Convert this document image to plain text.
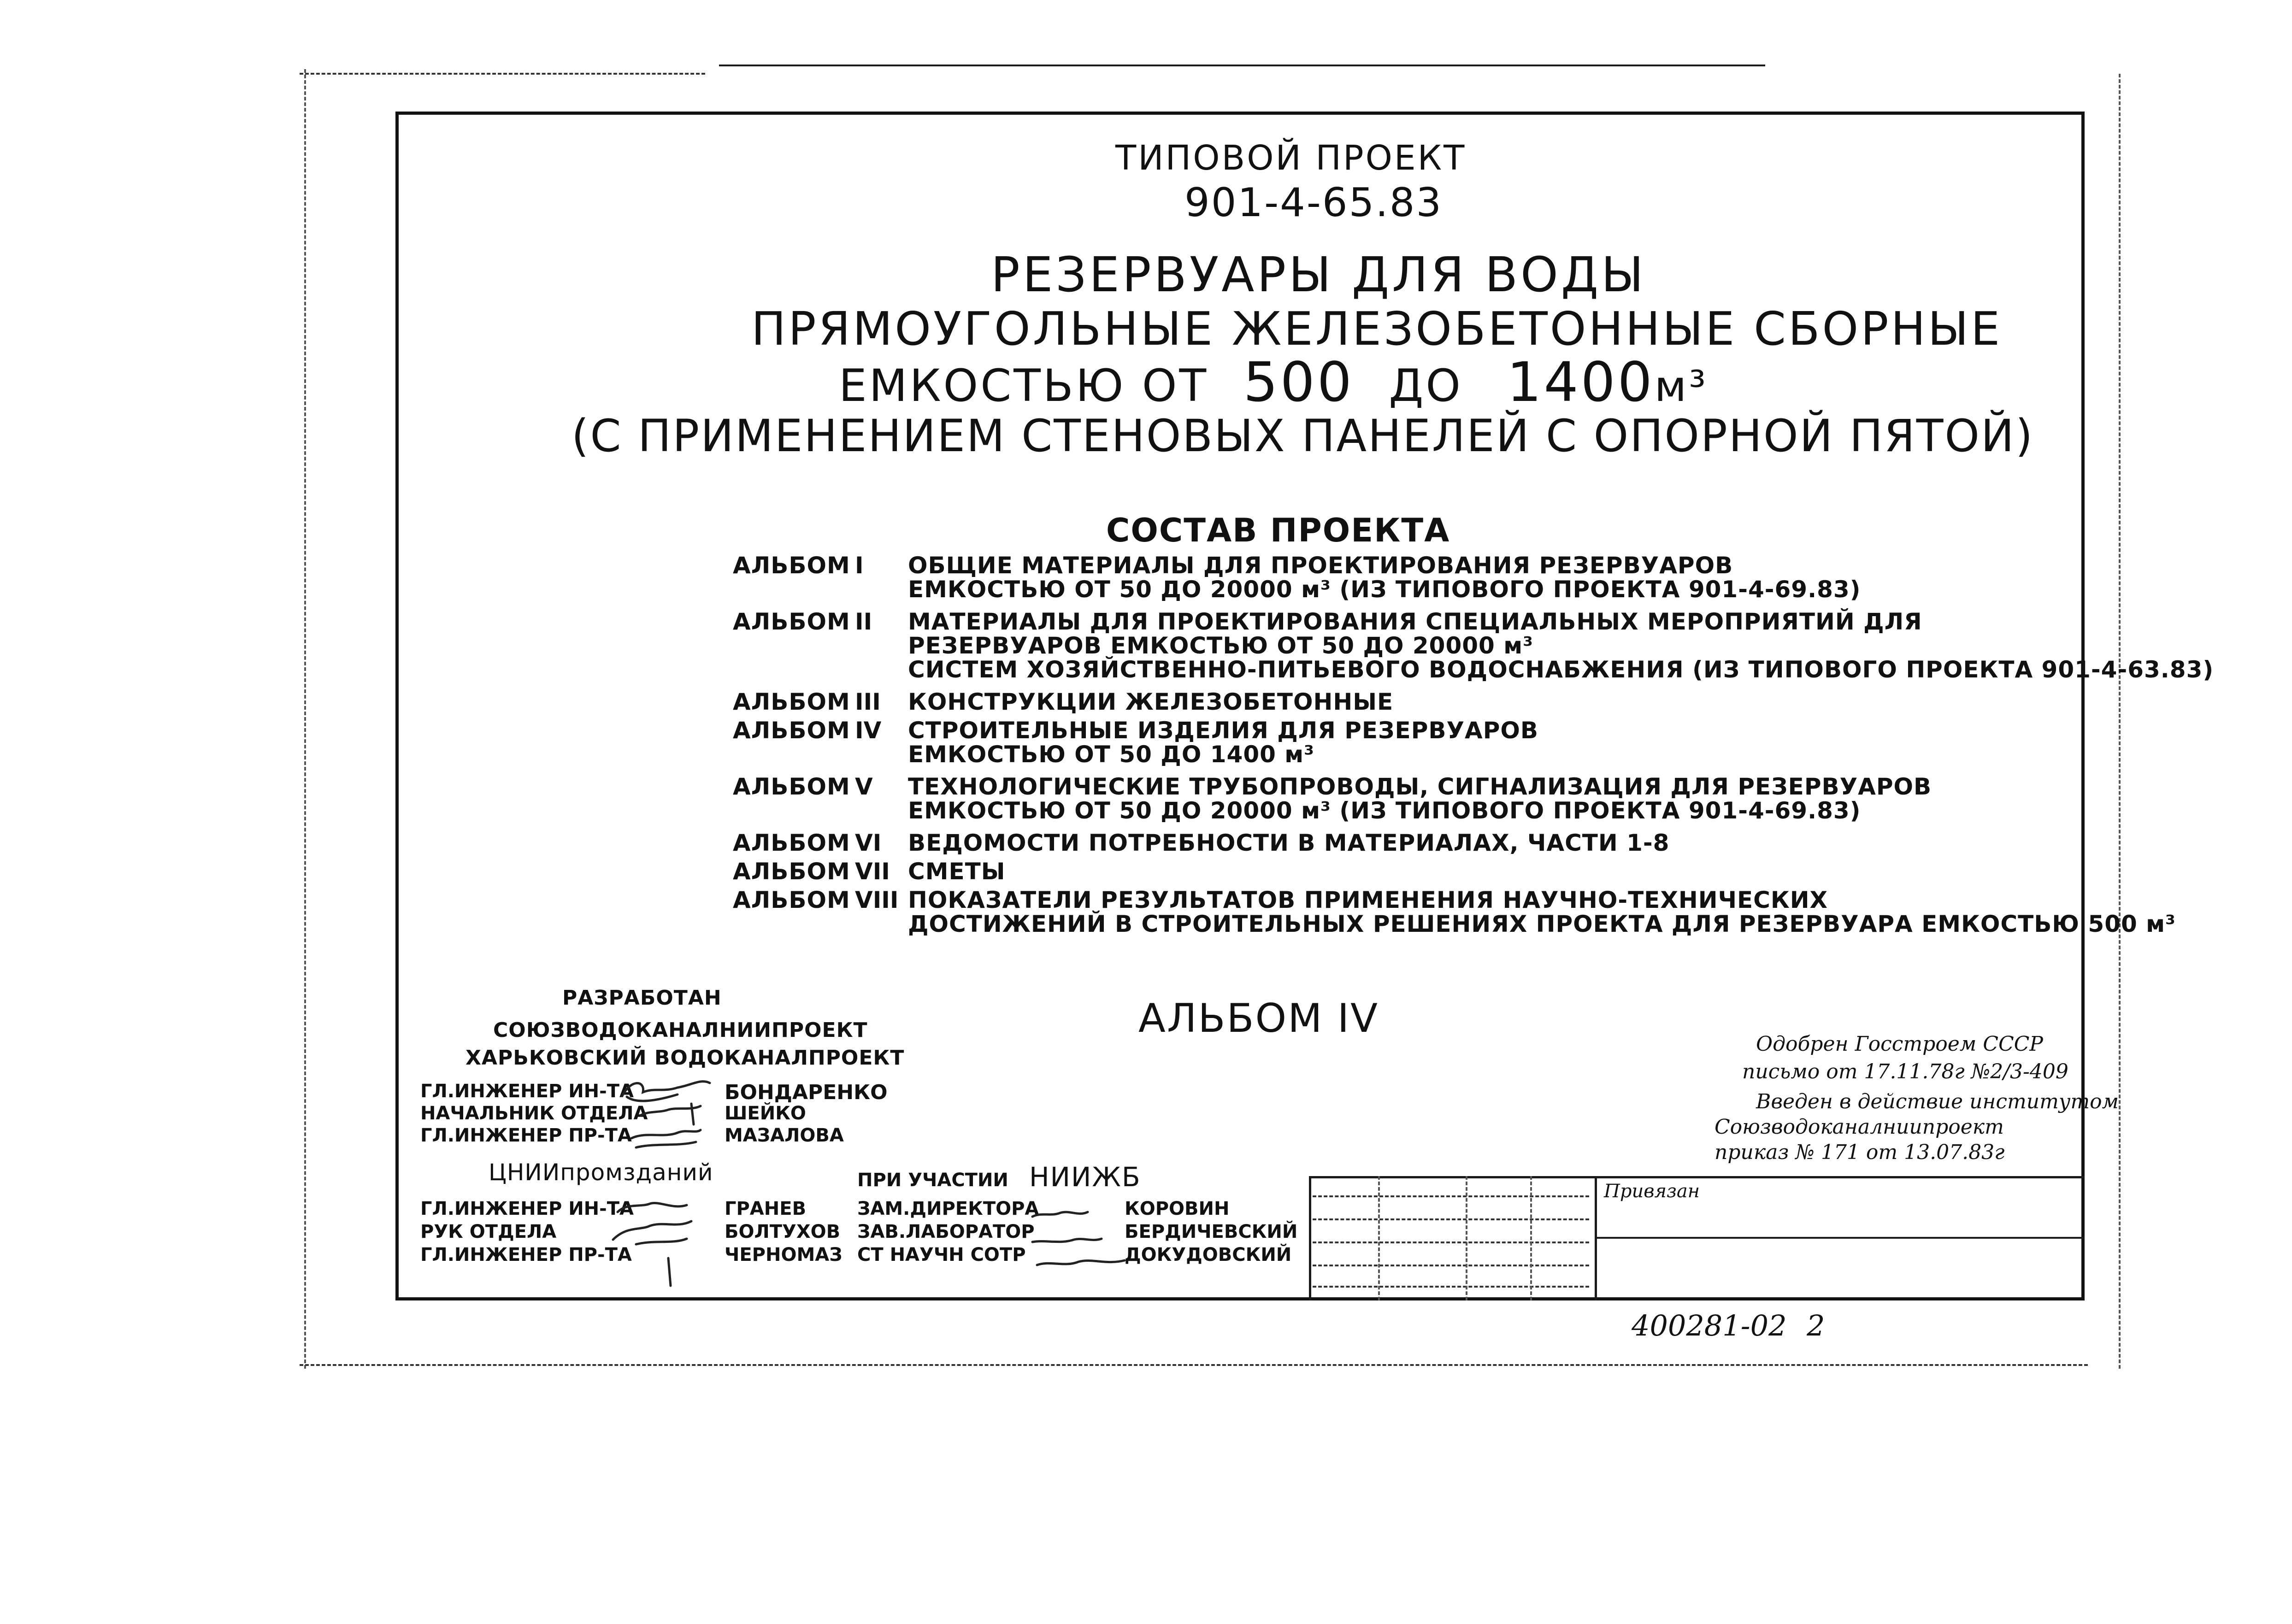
ТИПОВОЙ ПРОЕКТ
901-4-65.83
РЕЗЕРВУАРЫ ДЛЯ ВОДЫ
ПРЯМОУГОЛЬНЫЕ ЖЕЛЕЗОБЕТОННЫЕ СБОРНЫЕ
ЕМКОСТЬЮ ОТ 500 ДО 1400м³
(С ПРИМЕНЕНИЕМ СТЕНОВЫХ ПАНЕЛЕЙ С ОПОРНОЙ ПЯТОЙ)
СОСТАВ ПРОЕКТА
АЛЬБОМ I ОБЩИЕ МАТЕРИАЛЫ ДЛЯ ПРОЕКТИРОВАНИЯ РЕЗЕРВУАРОВ
ЕМКОСТЬЮ ОТ 50 ДО 20000 м³ (ИЗ ТИПОВОГО ПРОЕКТА 901-4-69.83)
АЛЬБОМ II МАТЕРИАЛЫ ДЛЯ ПРОЕКТИРОВАНИЯ СПЕЦИАЛЬНЫХ МЕРОПРИЯТИЙ ДЛЯ
РЕЗЕРВУАРОВ ЕМКОСТЬЮ ОТ 50 ДО 20000 м³
СИСТЕМ ХОЗЯЙСТВЕННО-ПИТЬЕВОГО ВОДОСНАБЖЕНИЯ (ИЗ ТИПОВОГО ПРОЕКТА 901-4-63.83)
АЛЬБОМ III КОНСТРУКЦИИ ЖЕЛЕЗОБЕТОННЫЕ
АЛЬБОМ IV СТРОИТЕЛЬНЫЕ ИЗДЕЛИЯ ДЛЯ РЕЗЕРВУАРОВ
ЕМКОСТЬЮ ОТ 50 ДО 1400 м³
АЛЬБОМ V ТЕХНОЛОГИЧЕСКИЕ ТРУБОПРОВОДЫ, СИГНАЛИЗАЦИЯ ДЛЯ РЕЗЕРВУАРОВ
ЕМКОСТЬЮ ОТ 50 ДО 20000 м³ (ИЗ ТИПОВОГО ПРОЕКТА 901-4-69.83)
АЛЬБОМ VI ВЕДОМОСТИ ПОТРЕБНОСТИ В МАТЕРИАЛАХ, ЧАСТИ 1-8
АЛЬБОМ VII СМЕТЫ
АЛЬБОМ VIII ПОКАЗАТЕЛИ РЕЗУЛЬТАТОВ ПРИМЕНЕНИЯ НАУЧНО-ТЕХНИЧЕСКИХ
ДОСТИЖЕНИЙ В СТРОИТЕЛЬНЫХ РЕШЕНИЯХ ПРОЕКТА ДЛЯ РЕЗЕРВУАРА ЕМКОСТЬЮ 500 м³
АЛЬБОМ IV
РАЗРАБОТАН
СОЮЗВОДОКАНАЛНИИПРОЕКТ
ХАРЬКОВСКИЙ ВОДОКАНАЛПРОЕКТ
ГЛ.ИНЖЕНЕР ИН-ТА	БОНДАРЕНКО
НАЧАЛЬНИК ОТДЕЛА	ШЕЙКО
ГЛ.ИНЖЕНЕР ПР-ТА	МАЗАЛОВА
ЦНИИпромзданий
ГЛ.ИНЖЕНЕР ИН-ТА	ГРАНЕВ
РУК ОТДЕЛА	БОЛТУХОВ
ГЛ.ИНЖЕНЕР ПР-ТА	ЧЕРНОМАЗ
ПРИ УЧАСТИИ НИИЖБ
ЗАМ.ДИРЕКТОРА	КОРОВИН
ЗАВ.ЛАБОРАТОР	БЕРДИЧЕВСКИЙ
СТ НАУЧН СОТР	ДОКУДОВСКИЙ
Одобрен Госстроем СССР
письмо от 17.11.78г №2/3-409
Введен в действие институтом
Союзводоканалниипроект
приказ № 171 от 13.07.83г
Привязан
400281-02 2
